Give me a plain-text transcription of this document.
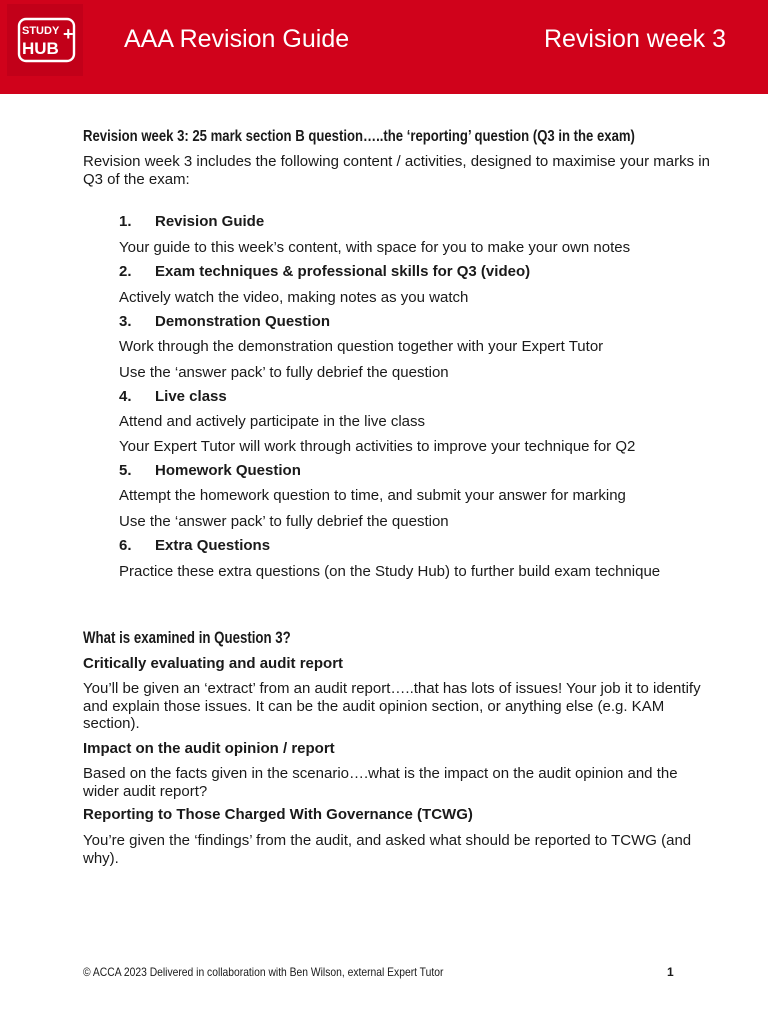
STUDY
HUB
+ AAA Revision Guide	Revision week 3
Revision week 3: 25 mark section B question…..the ‘reporting’ question (Q3 in the exam)
Revision week 3 includes the following content / activities, designed to maximise your marks in Q3 of the exam:
1. Revision Guide
Your guide to this week’s content, with space for you to make your own notes
2. Exam techniques & professional skills for Q3 (video)
Actively watch the video, making notes as you watch
3. Demonstration Question
Work through the demonstration question together with your Expert Tutor
Use the ‘answer pack’ to fully debrief the question
4. Live class
Attend and actively participate in the live class
Your Expert Tutor will work through activities to improve your technique for Q2
5. Homework Question
Attempt the homework question to time, and submit your answer for marking
Use the ‘answer pack’ to fully debrief the question
6. Extra Questions
Practice these extra questions (on the Study Hub) to further build exam technique
What is examined in Question 3?
Critically evaluating and audit report
You’ll be given an ‘extract’ from an audit report…..that has lots of issues! Your job it to identify and explain those issues. It can be the audit opinion section, or anything else (e.g. KAM section).
Impact on the audit opinion / report
Based on the facts given in the scenario….what is the impact on the audit opinion and the wider audit report?
Reporting to Those Charged With Governance (TCWG)
You’re given the ‘findings’ from the audit, and asked what should be reported to TCWG (and why).
© ACCA 2023 Delivered in collaboration with Ben Wilson, external Expert Tutor	1
